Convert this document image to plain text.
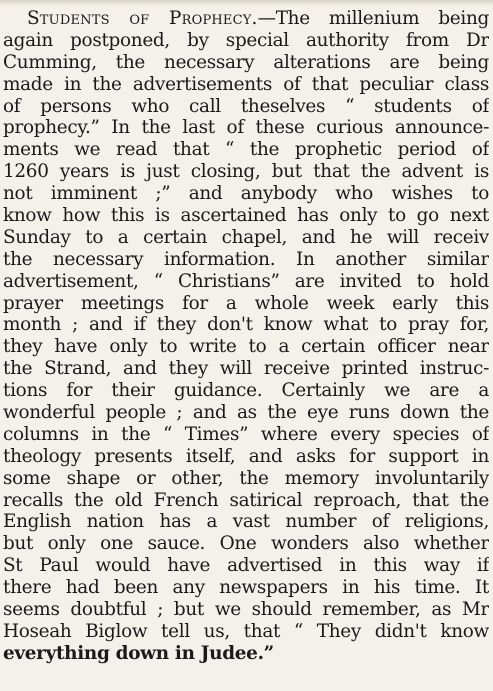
Students of Prophecy.—The millenium being
again postponed, by special authority from Dr
Cumming, the necessary alterations are being
made in the advertisements of that peculiar class
of persons who call theselves “ students of
prophecy.” In the last of these curious announce-
ments we read that “ the prophetic period of
1260 years is just closing, but that the advent is
not imminent ;” and anybody who wishes to
know how this is ascertained has only to go next
Sunday to a certain chapel, and he will receiv
the necessary information. In another similar
advertisement, “ Christians” are invited to hold
prayer meetings for a whole week early this
month ; and if they don't know what to pray for,
they have only to write to a certain officer near
the Strand, and they will receive printed instruc-
tions for their guidance. Certainly we are a
wonderful people ; and as the eye runs down the
columns in the “ Times” where every species of
theology presents itself, and asks for support in
some shape or other, the memory involuntarily
recalls the old French satirical reproach, that the
English nation has a vast number of religions,
but only one sauce. One wonders also whether
St Paul would have advertised in this way if
there had been any newspapers in his time. It
seems doubtful ; but we should remember, as Mr
Hoseah Biglow tell us, that “ They didn't know
everything down in Judee.”
